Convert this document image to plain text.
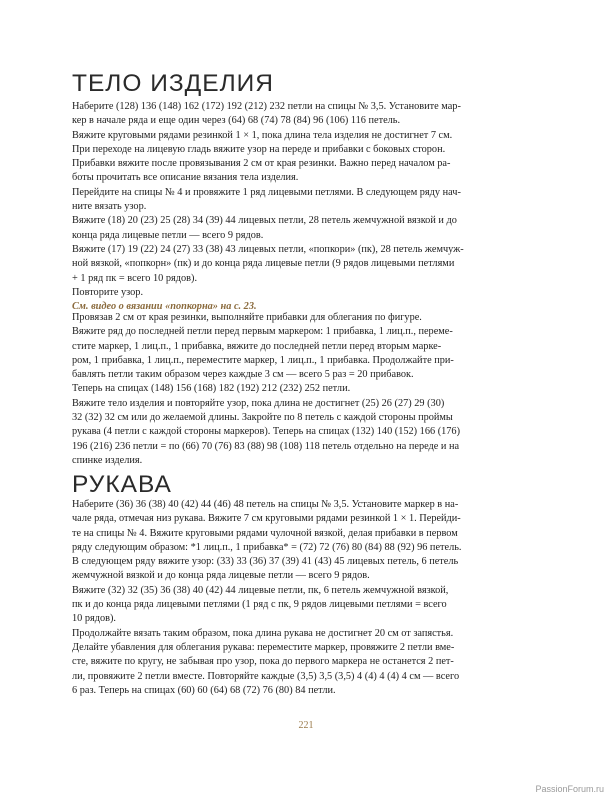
ТЕЛО ИЗДЕЛИЯ
Наберите (128) 136 (148) 162 (172) 192 (212) 232 петли на спицы № 3,5. Установите мар-
кер в начале ряда и еще один через (64) 68 (74) 78 (84) 96 (106) 116 петель.
Вяжите круговыми рядами резинкой 1 × 1, пока длина тела изделия не достигнет 7 см.
При переходе на лицевую гладь вяжите узор на переде и прибавки с боковых сторон.
Прибавки вяжите после провязывания 2 см от края резинки. Важно перед началом ра-
боты прочитать все описание вязания тела изделия.
Перейдите на спицы № 4 и провяжите 1 ряд лицевыми петлями. В следующем ряду нач-
ните вязать узор.
Вяжите (18) 20 (23) 25 (28) 34 (39) 44 лицевых петли, 28 петель жемчужной вязкой и до
конца ряда лицевые петли — всего 9 рядов.
Вяжите (17) 19 (22) 24 (27) 33 (38) 43 лицевых петли, «попкори» (пк), 28 петель жемчуж-
ной вязкой, «попкорн» (пк) и до конца ряда лицевые петли (9 рядов лицевыми петлями
+ 1 ряд пк = всего 10 рядов).
Повторите узор.
См. видео о вязании «попкорна» на с. 23.
Провязав 2 см от края резинки, выполняйте прибавки для облегания по фигуре.
Вяжите ряд до последней петли перед первым маркером: 1 прибавка, 1 лиц.п., переме-
стите маркер, 1 лиц.п., 1 прибавка, вяжите до последней петли перед вторым марке-
ром, 1 прибавка, 1 лиц.п., переместите маркер, 1 лиц.п., 1 прибавка. Продолжайте при-
бавлять петли таким образом через каждые 3 см — всего 5 раз = 20 прибавок.
Теперь на спицах (148) 156 (168) 182 (192) 212 (232) 252 петли.
Вяжите тело изделия и повторяйте узор, пока длина не достигнет (25) 26 (27) 29 (30)
32 (32) 32 см или до желаемой длины. Закройте по 8 петель с каждой стороны проймы
рукава (4 петли с каждой стороны маркеров). Теперь на спицах (132) 140 (152) 166 (176)
196 (216) 236 петли = по (66) 70 (76) 83 (88) 98 (108) 118 петель отдельно на переде и на
спинке изделия.
РУКАВА
Наберите (36) 36 (38) 40 (42) 44 (46) 48 петель на спицы № 3,5. Установите маркер в на-
чале ряда, отмечая низ рукава. Вяжите 7 см круговыми рядами резинкой 1 × 1. Перейди-
те на спицы № 4. Вяжите круговыми рядами чулочной вязкой, делая прибавки в первом
ряду следующим образом: *1 лиц.п., 1 прибавка* = (72) 72 (76) 80 (84) 88 (92) 96 петель.
В следующем ряду вяжите узор: (33) 33 (36) 37 (39) 41 (43) 45 лицевых петель, 6 петель
жемчужной вязкой и до конца ряда лицевые петли — всего 9 рядов.
Вяжите (32) 32 (35) 36 (38) 40 (42) 44 лицевые петли, пк, 6 петель жемчужной вязкой,
пк и до конца ряда лицевыми петлями (1 ряд с пк, 9 рядов лицевыми петлями = всего
10 рядов).
Продолжайте вязать таким образом, пока длина рукава не достигнет 20 см от запястья.
Делайте убавления для облегания рукава: переместите маркер, провяжите 2 петли вме-
сте, вяжите по кругу, не забывая про узор, пока до первого маркера не останется 2 пет-
ли, провяжите 2 петли вместе. Повторяйте каждые (3,5) 3,5 (3,5) 4 (4) 4 (4) 4 см — всего
6 раз. Теперь на спицах (60) 60 (64) 68 (72) 76 (80) 84 петли.
221
PassionForum.ru
